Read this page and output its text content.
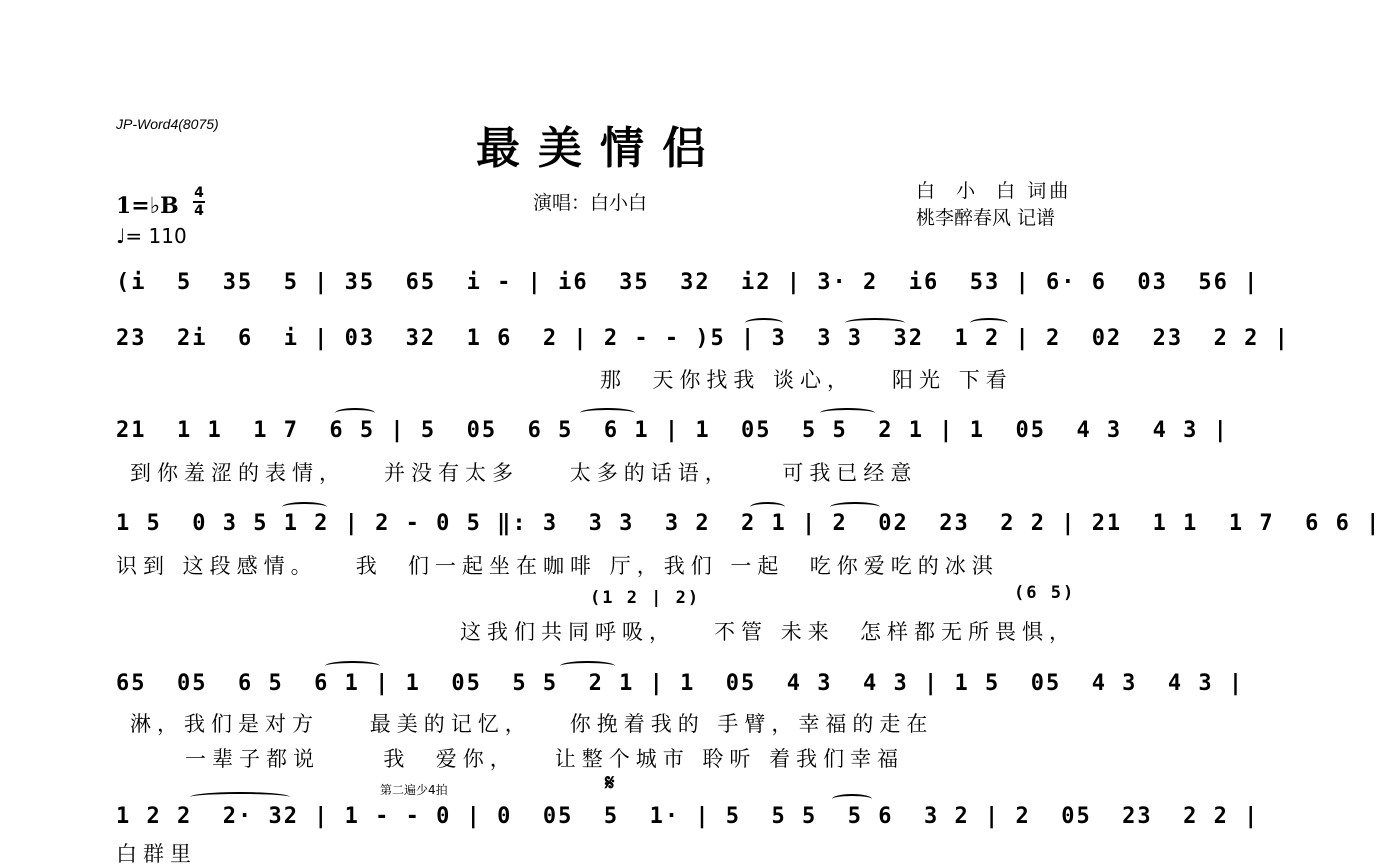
JP-Word4(8075)	最美情侣
演唱：白小白
白  小  白 词曲
桃李醉春风 记谱
1=♭B 4
4
♩= 110
(i  5  35  5 | 35  65  i - | i6  35  32  i2 | 3· 2  i6  53 | 6· 6  03  56 |
23  2i  6  i | 03  32  1 6  2 | 2 - - )5 | 3  3 3  32  1 2 | 2  02  23  2 2 |
那  天你找我 谈心，   阳光 下看
21  1 1  1 7  6 5 | 5  05  6 5  6 1 | 1  05  5 5  2 1 | 1  05  4 3  4 3 |
到你羞涩的表情，   并没有太多    太多的话语，    可我已经意
1 5  0 3 5 1 2 | 2 - 0 5 ‖: 3  3 3  3 2  2 1 | 2  02  23  2 2 | 21  1 1  1 7  6 6 |
识到 这段感情。   我  们一起坐在咖啡 厅，我们 一起  吃你爱吃的冰淇
(1 2 | 2)	(6 5)
这我们共同呼吸，   不管 未来  怎样都无所畏惧，
65  05  6 5  6 1 | 1  05  5 5  2 1 | 1  05  4 3  4 3 | 1 5  05  4 3  4 3 |
淋，我们是对方    最美的记忆，   你挽着我的 手臂，幸福的走在
一辈子都说     我  爱你，   让整个城市 聆听 着我们幸福
第二遍少4拍	𝄋
1 2 2  2· 32 | 1 - - 0 | 0  05  5  1· | 5  5 5  5 6  3 2 | 2  05  23  2 2 |
白群里
